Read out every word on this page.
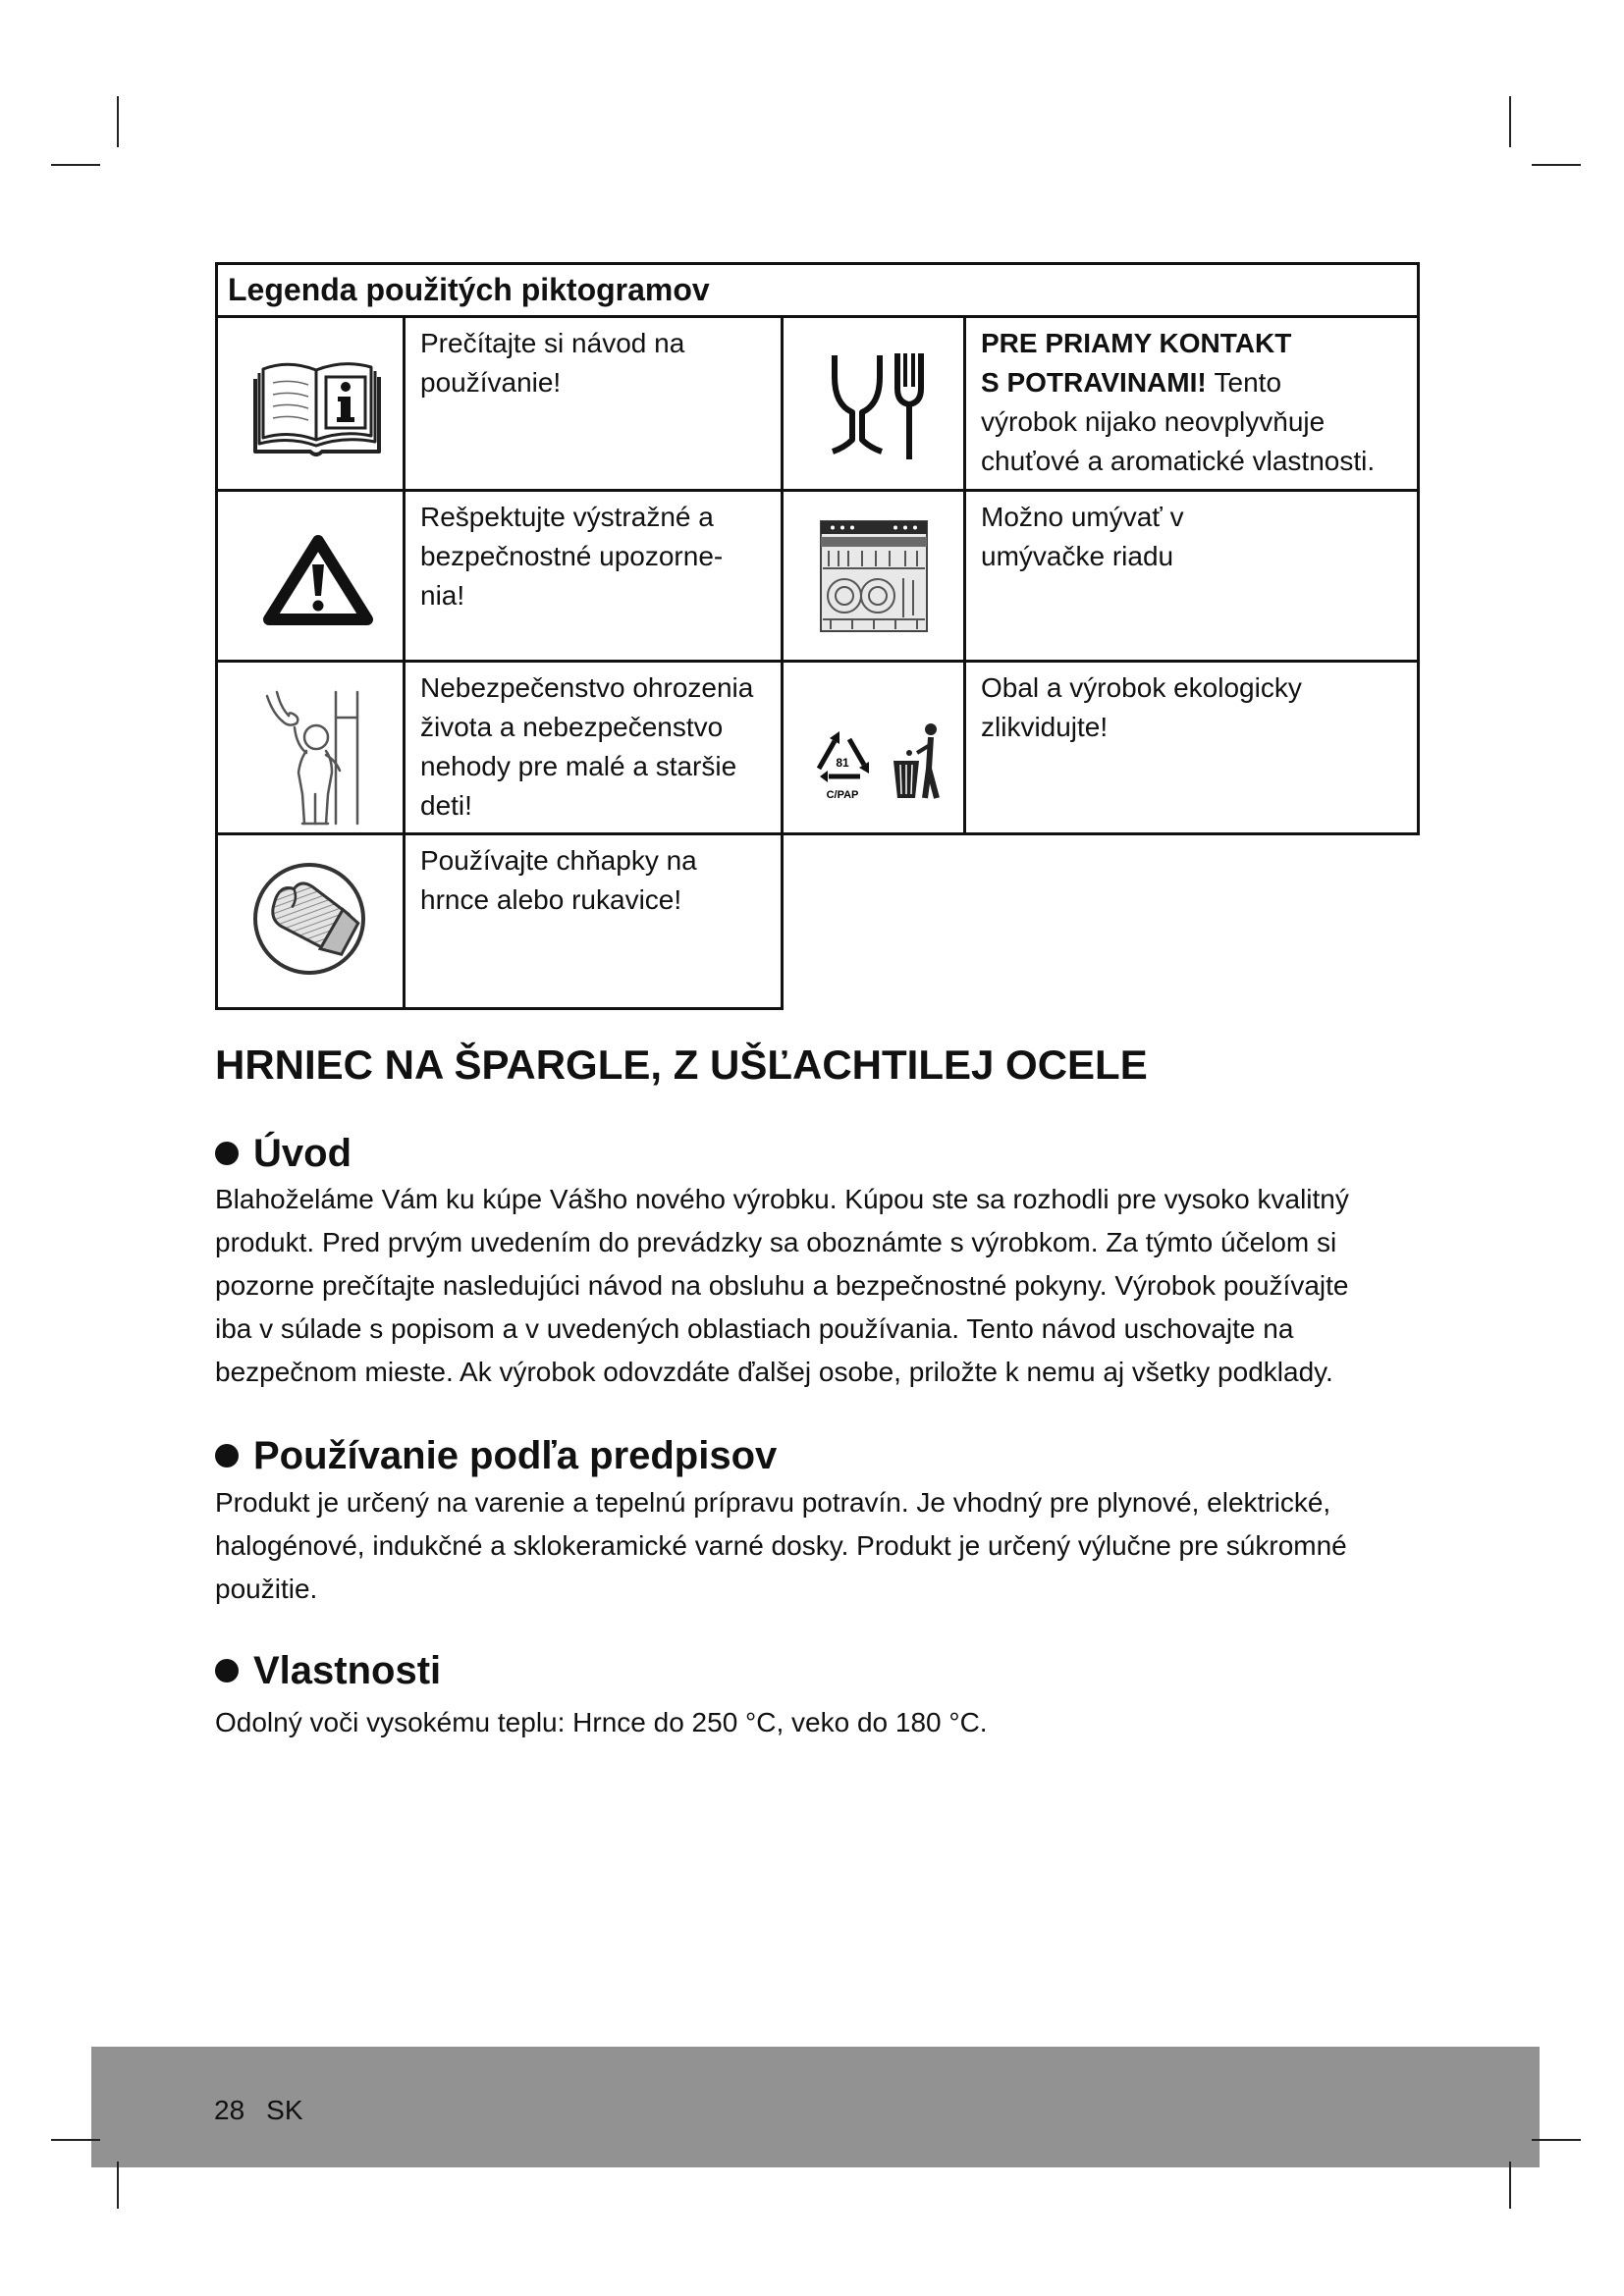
Legenda použitých piktogramov
Prečítajte si návod na
používanie!
PRE PRIAMY KONTAKT
S POTRAVINAMI! Tento
výrobok nijako neovplyvňuje
chuťové a aromatické vlastnosti.
Rešpektujte výstražné a
bezpečnostné upozorne-
nia!
Možno umývať v
umývačke riadu
Nebezpečenstvo ohrozenia
života a nebezpečenstvo
nehody pre malé a staršie
deti!
81
C/PAP
Obal a výrobok ekologicky
zlikvidujte!
Používajte chňapky na
hrnce alebo rukavice!
HRNIEC NA ŠPARGLE, Z UŠĽACHTILEJ OCELE
Úvod
Blahoželáme Vám ku kúpe Vášho nového výrobku. Kúpou ste sa rozhodli pre vysoko kvalitný
produkt. Pred prvým uvedením do prevádzky sa oboznámte s výrobkom. Za týmto účelom si
pozorne prečítajte nasledujúci návod na obsluhu a bezpečnostné pokyny. Výrobok používajte
iba v súlade s popisom a v uvedených oblastiach používania. Tento návod uschovajte na
bezpečnom mieste. Ak výrobok odovzdáte ďalšej osobe, priložte k nemu aj všetky podklady.
Používanie podľa predpisov
Produkt je určený na varenie a tepelnú prípravu potravín. Je vhodný pre plynové, elektrické,
halogénové, indukčné a sklokeramické varné dosky. Produkt je určený výlučne pre súkromné
použitie.
Vlastnosti
Odolný voči vysokému teplu: Hrnce do 250 °C, veko do 180 °C.
28 SK
